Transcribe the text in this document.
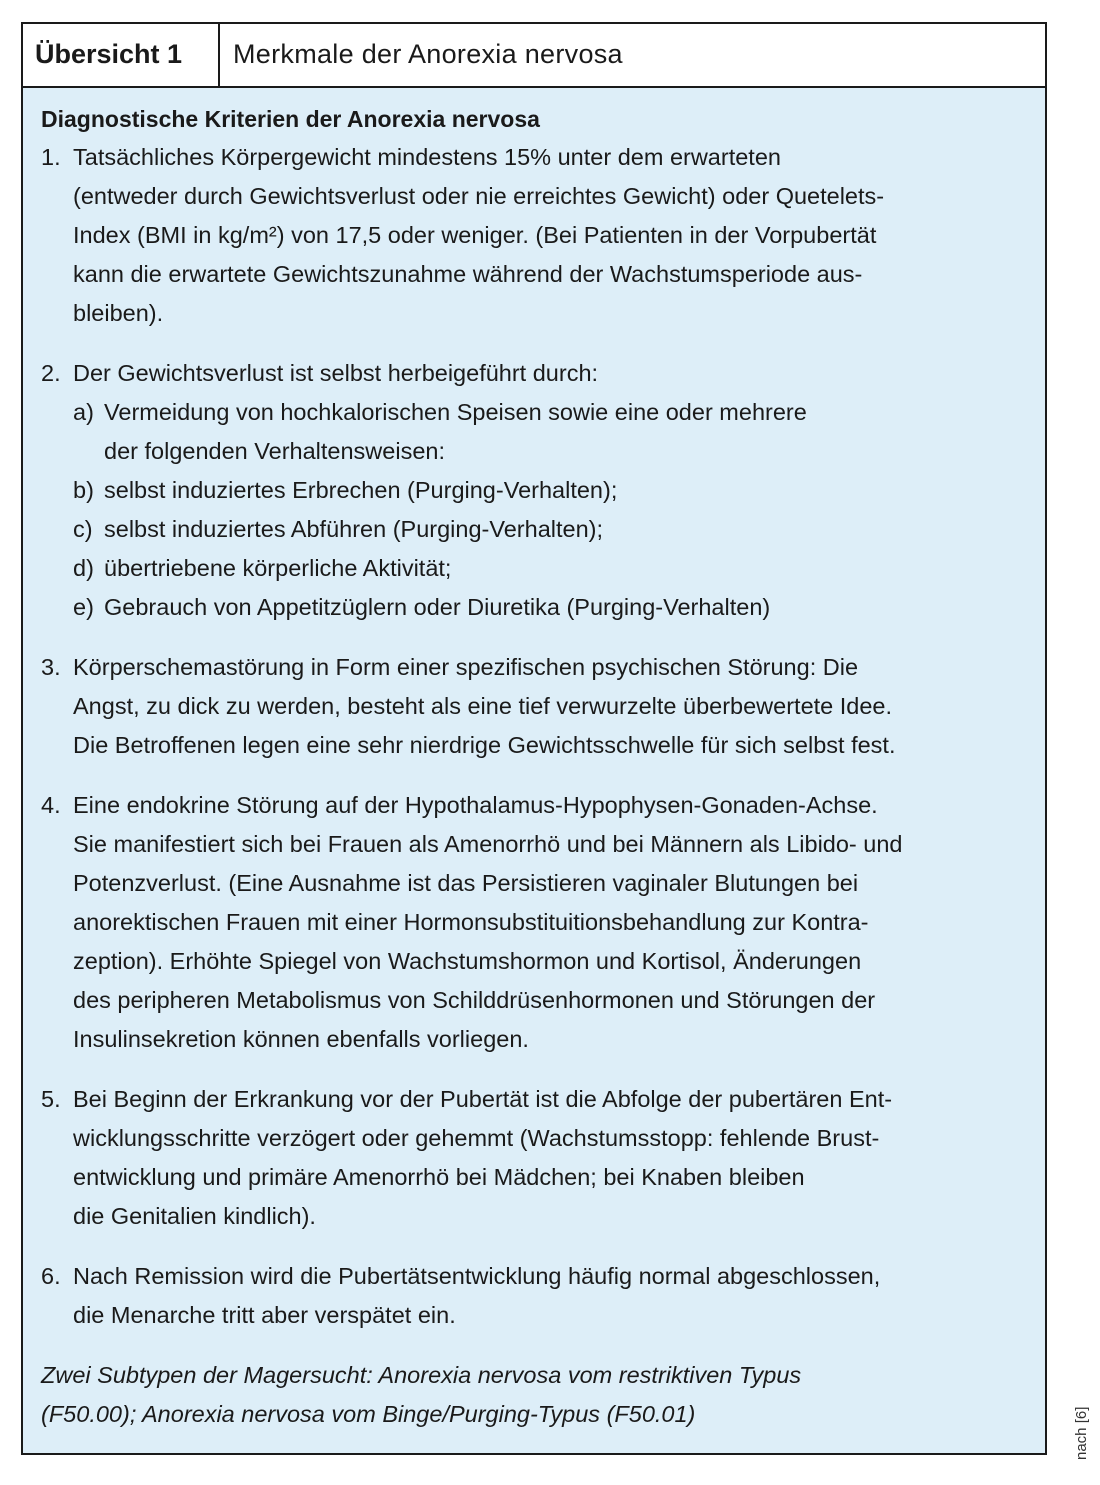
Übersicht 1	Merkmale der Anorexia nervosa
Diagnostische Kriterien der Anorexia nervosa
1. Tatsächliches Körpergewicht mindestens 15% unter dem erwarteten
(entweder durch Gewichtsverlust oder nie erreichtes Gewicht) oder Quetelets-
Index (BMI in kg/m²) von 17,5 oder weniger. (Bei Patienten in der Vorpubertät
kann die erwartete Gewichtszunahme während der Wachstumsperiode aus-
bleiben).
2. Der Gewichtsverlust ist selbst herbeigeführt durch:
a) Vermeidung von hochkalorischen Speisen sowie eine oder mehrere
der folgenden Verhaltensweisen:
b) selbst induziertes Erbrechen (Purging-Verhalten);
c) selbst induziertes Abführen (Purging-Verhalten);
d) übertriebene körperliche Aktivität;
e) Gebrauch von Appetitzüglern oder Diuretika (Purging-Verhalten)
3. Körperschemastörung in Form einer spezifischen psychischen Störung: Die
Angst, zu dick zu werden, besteht als eine tief verwurzelte überbewertete Idee.
Die Betroffenen legen eine sehr nierdrige Gewichtsschwelle für sich selbst fest.
4. Eine endokrine Störung auf der Hypothalamus-Hypophysen-Gonaden-Achse.
Sie manifestiert sich bei Frauen als Amenorrhö und bei Männern als Libido- und
Potenzverlust. (Eine Ausnahme ist das Persistieren vaginaler Blutungen bei
anorektischen Frauen mit einer Hormonsubstituitionsbehandlung zur Kontra-
zeption). Erhöhte Spiegel von Wachstumshormon und Kortisol, Änderungen
des peripheren Metabolismus von Schilddrüsenhormonen und Störungen der
Insulinsekretion können ebenfalls vorliegen.
5. Bei Beginn der Erkrankung vor der Pubertät ist die Abfolge der pubertären Ent-
wicklungsschritte verzögert oder gehemmt (Wachstumsstopp: fehlende Brust-
entwicklung und primäre Amenorrhö bei Mädchen; bei Knaben bleiben
die Genitalien kindlich).
6. Nach Remission wird die Pubertätsentwicklung häufig normal abgeschlossen,
die Menarche tritt aber verspätet ein.
Zwei Subtypen der Magersucht: Anorexia nervosa vom restriktiven Typus
(F50.00); Anorexia nervosa vom Binge/Purging-Typus (F50.01)	nach [6]
